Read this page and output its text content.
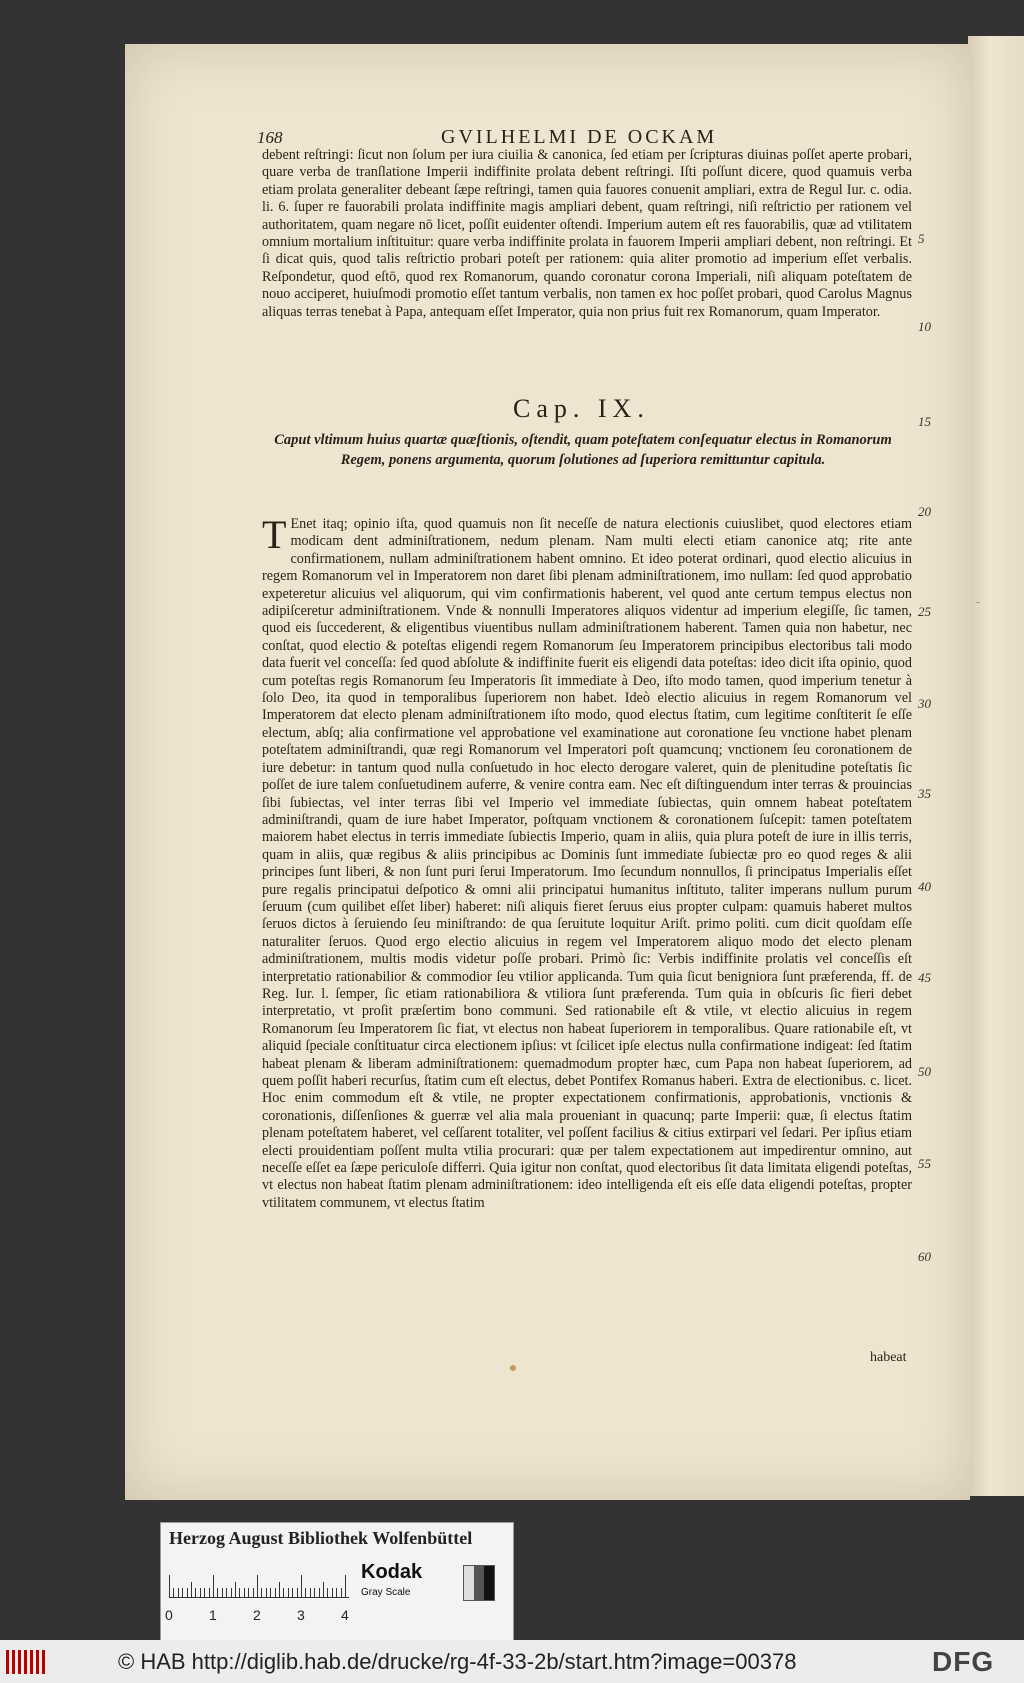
-
168	GVILHELMI DE OCKAM
debent reſtringi: ſicut non ſolum per iura ciuilia & canonica, ſed etiam per ſcripturas diuinas poſſet aperte probari, quare verba de tranſlatione Imperii indiffinite prolata debent reſtringi. Iſti poſſunt dicere, quod quamuis verba etiam prolata generaliter debeant ſæpe reſtringi, tamen quia fauores conuenit ampliari, extra de Regul Iur. c. odia. li. 6. ſuper re fauorabili prolata indiffinite magis ampliari debent, quam reſtringi, niſi reſtrictio per rationem vel authoritatem, quam negare nō licet, poſſit euidenter oſtendi. Imperium autem eſt res fauorabilis, quæ ad vtilitatem omnium mortalium inſtituitur: quare verba indiffinite prolata in fauorem Imperii ampliari debent, non reſtringi. Et ſi dicat quis, quod talis reſtrictio probari poteſt per rationem: quia aliter promotio ad imperium eſſet verbalis. Reſpondetur, quod eſtō, quod rex Romanorum, quando coronatur corona Imperiali, niſi aliquam poteſtatem de nouo acciperet, huiuſmodi promotio eſſet tantum verbalis, non tamen ex hoc poſſet probari, quod Carolus Magnus aliquas terras tenebat à Papa, antequam eſſet Imperator, quia non prius fuit rex Romanorum, quam Imperator.
Cap. IX.
Caput vltimum huius quartæ quæſtionis, oſtendit, quam poteſtatem conſequatur electus in Romanorum Regem, ponens argumenta, quorum ſolutiones ad ſuperiora remittuntur capitula.
T Enet itaq; opinio iſta, quod quamuis non ſit neceſſe de natura electionis cuiuslibet, quod electores etiam modicam dent adminiſtrationem, nedum plenam. Nam multi electi etiam canonice atq; rite ante confirmationem, nullam adminiſtrationem habent omnino. Et ideo poterat ordinari, quod electio alicuius in regem Romanorum vel in Imperatorem non daret ſibi plenam adminiſtrationem, imo nullam: ſed quod approbatio expeteretur alicuius vel aliquorum, qui vim confirmationis haberent, vel quod ante certum tempus electus non adipiſceretur adminiſtrationem. Vnde & nonnulli Imperatores aliquos videntur ad imperium elegiſſe, ſic tamen, quod eis ſuccederent, & eligentibus viuentibus nullam adminiſtrationem haberent. Tamen quia non habetur, nec conſtat, quod electio & poteſtas eligendi regem Romanorum ſeu Imperatorem principibus electoribus tali modo data fuerit vel conceſſa: ſed quod abſolute & indiffinite fuerit eis eligendi data poteſtas: ideo dicit iſta opinio, quod cum poteſtas regis Romanorum ſeu Imperatoris ſit immediate à Deo, iſto modo tamen, quod imperium tenetur à ſolo Deo, ita quod in temporalibus ſuperiorem non habet. Ideò electio alicuius in regem Romanorum vel Imperatorem dat electo plenam adminiſtrationem iſto modo, quod electus ſtatim, cum legitime conſtiterit ſe eſſe electum, abſq; alia confirmatione vel approbatione vel examinatione aut coronatione ſeu vnctione habet plenam poteſtatem adminiſtrandi, quæ regi Romanorum vel Imperatori poſt quamcunq; vnctionem ſeu coronationem de iure debetur: in tantum quod nulla conſuetudo in hoc electo derogare valeret, quin de plenitudine poteſtatis ſic poſſet de iure talem conſuetudinem auferre, & venire contra eam. Nec eſt diſtinguendum inter terras & prouincias ſibi ſubiectas, vel inter terras ſibi vel Imperio vel immediate ſubiectas, quin omnem habeat poteſtatem adminiſtrandi, quam de iure habet Imperator, poſtquam vnctionem & coronationem ſuſcepit: tamen poteſtatem maiorem habet electus in terris immediate ſubiectis Imperio, quam in aliis, quia plura poteſt de iure in illis terris, quam in aliis, quæ regibus & aliis principibus ac Dominis ſunt immediate ſubiectæ pro eo quod reges & alii principes ſunt liberi, & non ſunt puri ſerui Imperatorum. Imo ſecundum nonnullos, ſi principatus Imperialis eſſet pure regalis principatui deſpotico & omni alii principatui humanitus inſtituto, taliter imperans nullum purum ſeruum (cum quilibet eſſet liber) haberet: niſi aliquis fieret ſeruus eius propter culpam: quamuis haberet multos ſeruos dictos à ſeruiendo ſeu miniſtrando: de qua ſeruitute loquitur Ariſt. primo politi. cum dicit quoſdam eſſe naturaliter ſeruos. Quod ergo electio alicuius in regem vel Imperatorem aliquo modo det electo plenam adminiſtrationem, multis modis videtur poſſe probari. Primò ſic: Verbis indiffinite prolatis vel conceſſis eſt interpretatio rationabilior & commodior ſeu vtilior applicanda. Tum quia ſicut benigniora ſunt præferenda, ff. de Reg. Iur. l. ſemper, ſic etiam rationabiliora & vtiliora ſunt præferenda. Tum quia in obſcuris ſic fieri debet interpretatio, vt proſit præſertim bono communi. Sed rationabile eſt & vtile, vt electio alicuius in regem Romanorum ſeu Imperatorem ſic fiat, vt electus non habeat ſuperiorem in temporalibus. Quare rationabile eſt, vt aliquid ſpeciale conſtituatur circa electionem ipſius: vt ſcilicet ipſe electus nulla confirmatione indigeat: ſed ſtatim habeat plenam & liberam adminiſtrationem: quemadmodum propter hæc, cum Papa non habeat ſuperiorem, ad quem poſſit haberi recurſus, ſtatim cum eſt electus, debet Pontifex Romanus haberi. Extra de electionibus. c. licet. Hoc enim commodum eſt & vtile, ne propter expectationem confirmationis, approbationis, vnctionis & coronationis, diſſenſiones & guerræ vel alia mala proueniant in quacunq; parte Imperii: quæ, ſi electus ſtatim plenam poteſtatem haberet, vel ceſſarent totaliter, vel poſſent facilius & citius extirpari vel ſedari. Per ipſius etiam electi prouidentiam poſſent multa vtilia procurari: quæ per talem expectationem aut impedirentur omnino, aut neceſſe eſſet ea ſæpe periculoſe differri. Quia igitur non conſtat, quod electoribus ſit data limitata eligendi poteſtas, vt electus non habeat ſtatim plenam adminiſtrationem: ideo intelligenda eſt eis eſſe data eligendi poteſtas, propter vtilitatem communem, vt electus ſtatim
5
10
15
20
25
30
35
40
45
50
55
60
habeat
Herzog August Bibliothek Wolfenbüttel
0	1	2	3	4
Kodak
Gray Scale
© HAB http://diglib.hab.de/drucke/rg-4f-33-2b/start.htm?image=00378	DFG
